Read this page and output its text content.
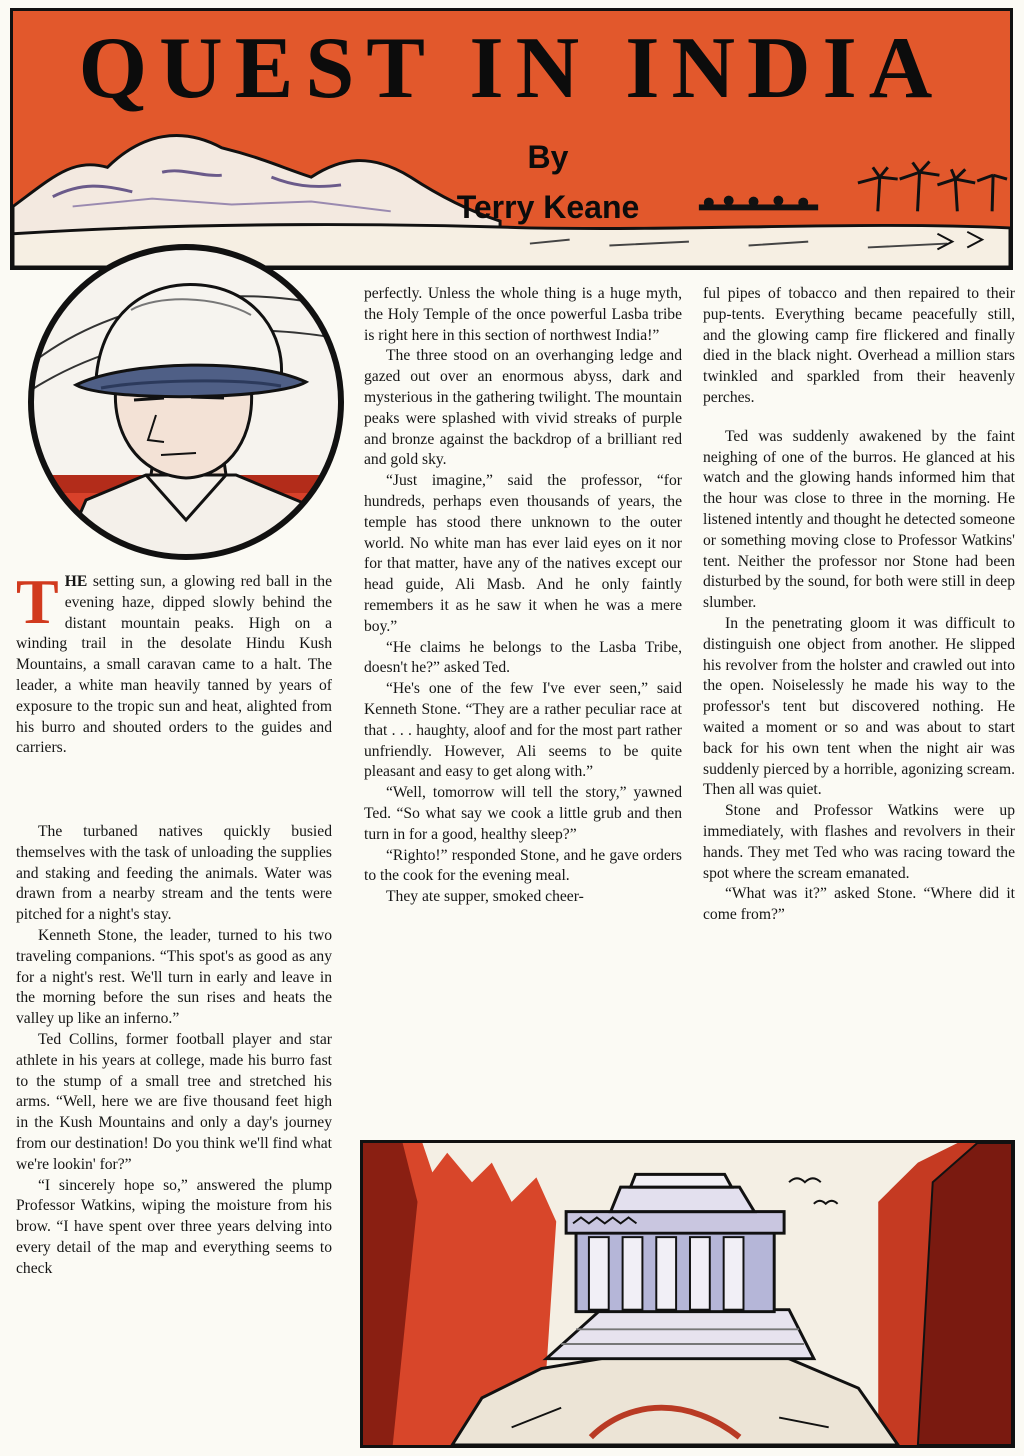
QUEST IN INDIA
By
Terry Keane

THE setting sun, a glowing red ball in the evening haze, dipped slowly behind the distant mountain peaks. High on a winding trail in the desolate Hindu Kush Mountains, a small caravan came to a halt. The leader, a white man heavily tanned by years of exposure to the tropic sun and heat, alighted from his burro and shouted orders to the guides and carriers.

The turbaned natives quickly busied themselves with the task of unloading the supplies and staking and feeding the animals. Water was drawn from a nearby stream and the tents were pitched for a night's stay.

Kenneth Stone, the leader, turned to his two traveling companions. “This spot's as good as any for a night's rest. We'll turn in early and leave in the morning before the sun rises and heats the valley up like an inferno.”

Ted Collins, former football player and star athlete in his years at college, made his burro fast to the stump of a small tree and stretched his arms. “Well, here we are five thousand feet high in the Kush Mountains and only a day's journey from our destination! Do you think we'll find what we're lookin' for?”

“I sincerely hope so,” answered the plump Professor Watkins, wiping the moisture from his brow. “I have spent over three years delving into every detail of the map and everything seems to check

perfectly. Unless the whole thing is a huge myth, the Holy Temple of the once powerful Lasba tribe is right here in this section of northwest India!”

The three stood on an overhanging ledge and gazed out over an enormous abyss, dark and mysterious in the gathering twilight. The mountain peaks were splashed with vivid streaks of purple and bronze against the backdrop of a brilliant red and gold sky.

“Just imagine,” said the professor, “for hundreds, perhaps even thousands of years, the temple has stood there unknown to the outer world. No white man has ever laid eyes on it nor for that matter, have any of the natives except our head guide, Ali Masb. And he only faintly remembers it as he saw it when he was a mere boy.”

“He claims he belongs to the Lasba Tribe, doesn't he?” asked Ted.

“He's one of the few I've ever seen,” said Kenneth Stone. “They are a rather peculiar race at that . . . haughty, aloof and for the most part rather unfriendly. However, Ali seems to be quite pleasant and easy to get along with.”

“Well, tomorrow will tell the story,” yawned Ted. “So what say we cook a little grub and then turn in for a good, healthy sleep?”

“Righto!” responded Stone, and he gave orders to the cook for the evening meal.

They ate supper, smoked cheer-

ful pipes of tobacco and then repaired to their pup-tents. Everything became peacefully still, and the glowing camp fire flickered and finally died in the black night. Overhead a million stars twinkled and sparkled from their heavenly perches.

Ted was suddenly awakened by the faint neighing of one of the burros. He glanced at his watch and the glowing hands informed him that the hour was close to three in the morning. He listened intently and thought he detected someone or something moving close to Professor Watkins' tent. Neither the professor nor Stone had been disturbed by the sound, for both were still in deep slumber.

In the penetrating gloom it was difficult to distinguish one object from another. He slipped his revolver from the holster and crawled out into the open. Noiselessly he made his way to the professor's tent but discovered nothing. He waited a moment or so and was about to start back for his own tent when the night air was suddenly pierced by a horrible, agonizing scream. Then all was quiet.

Stone and Professor Watkins were up immediately, with flashes and revolvers in their hands. They met Ted who was racing toward the spot where the scream emanated.

“What was it?” asked Stone. “Where did it come from?”
